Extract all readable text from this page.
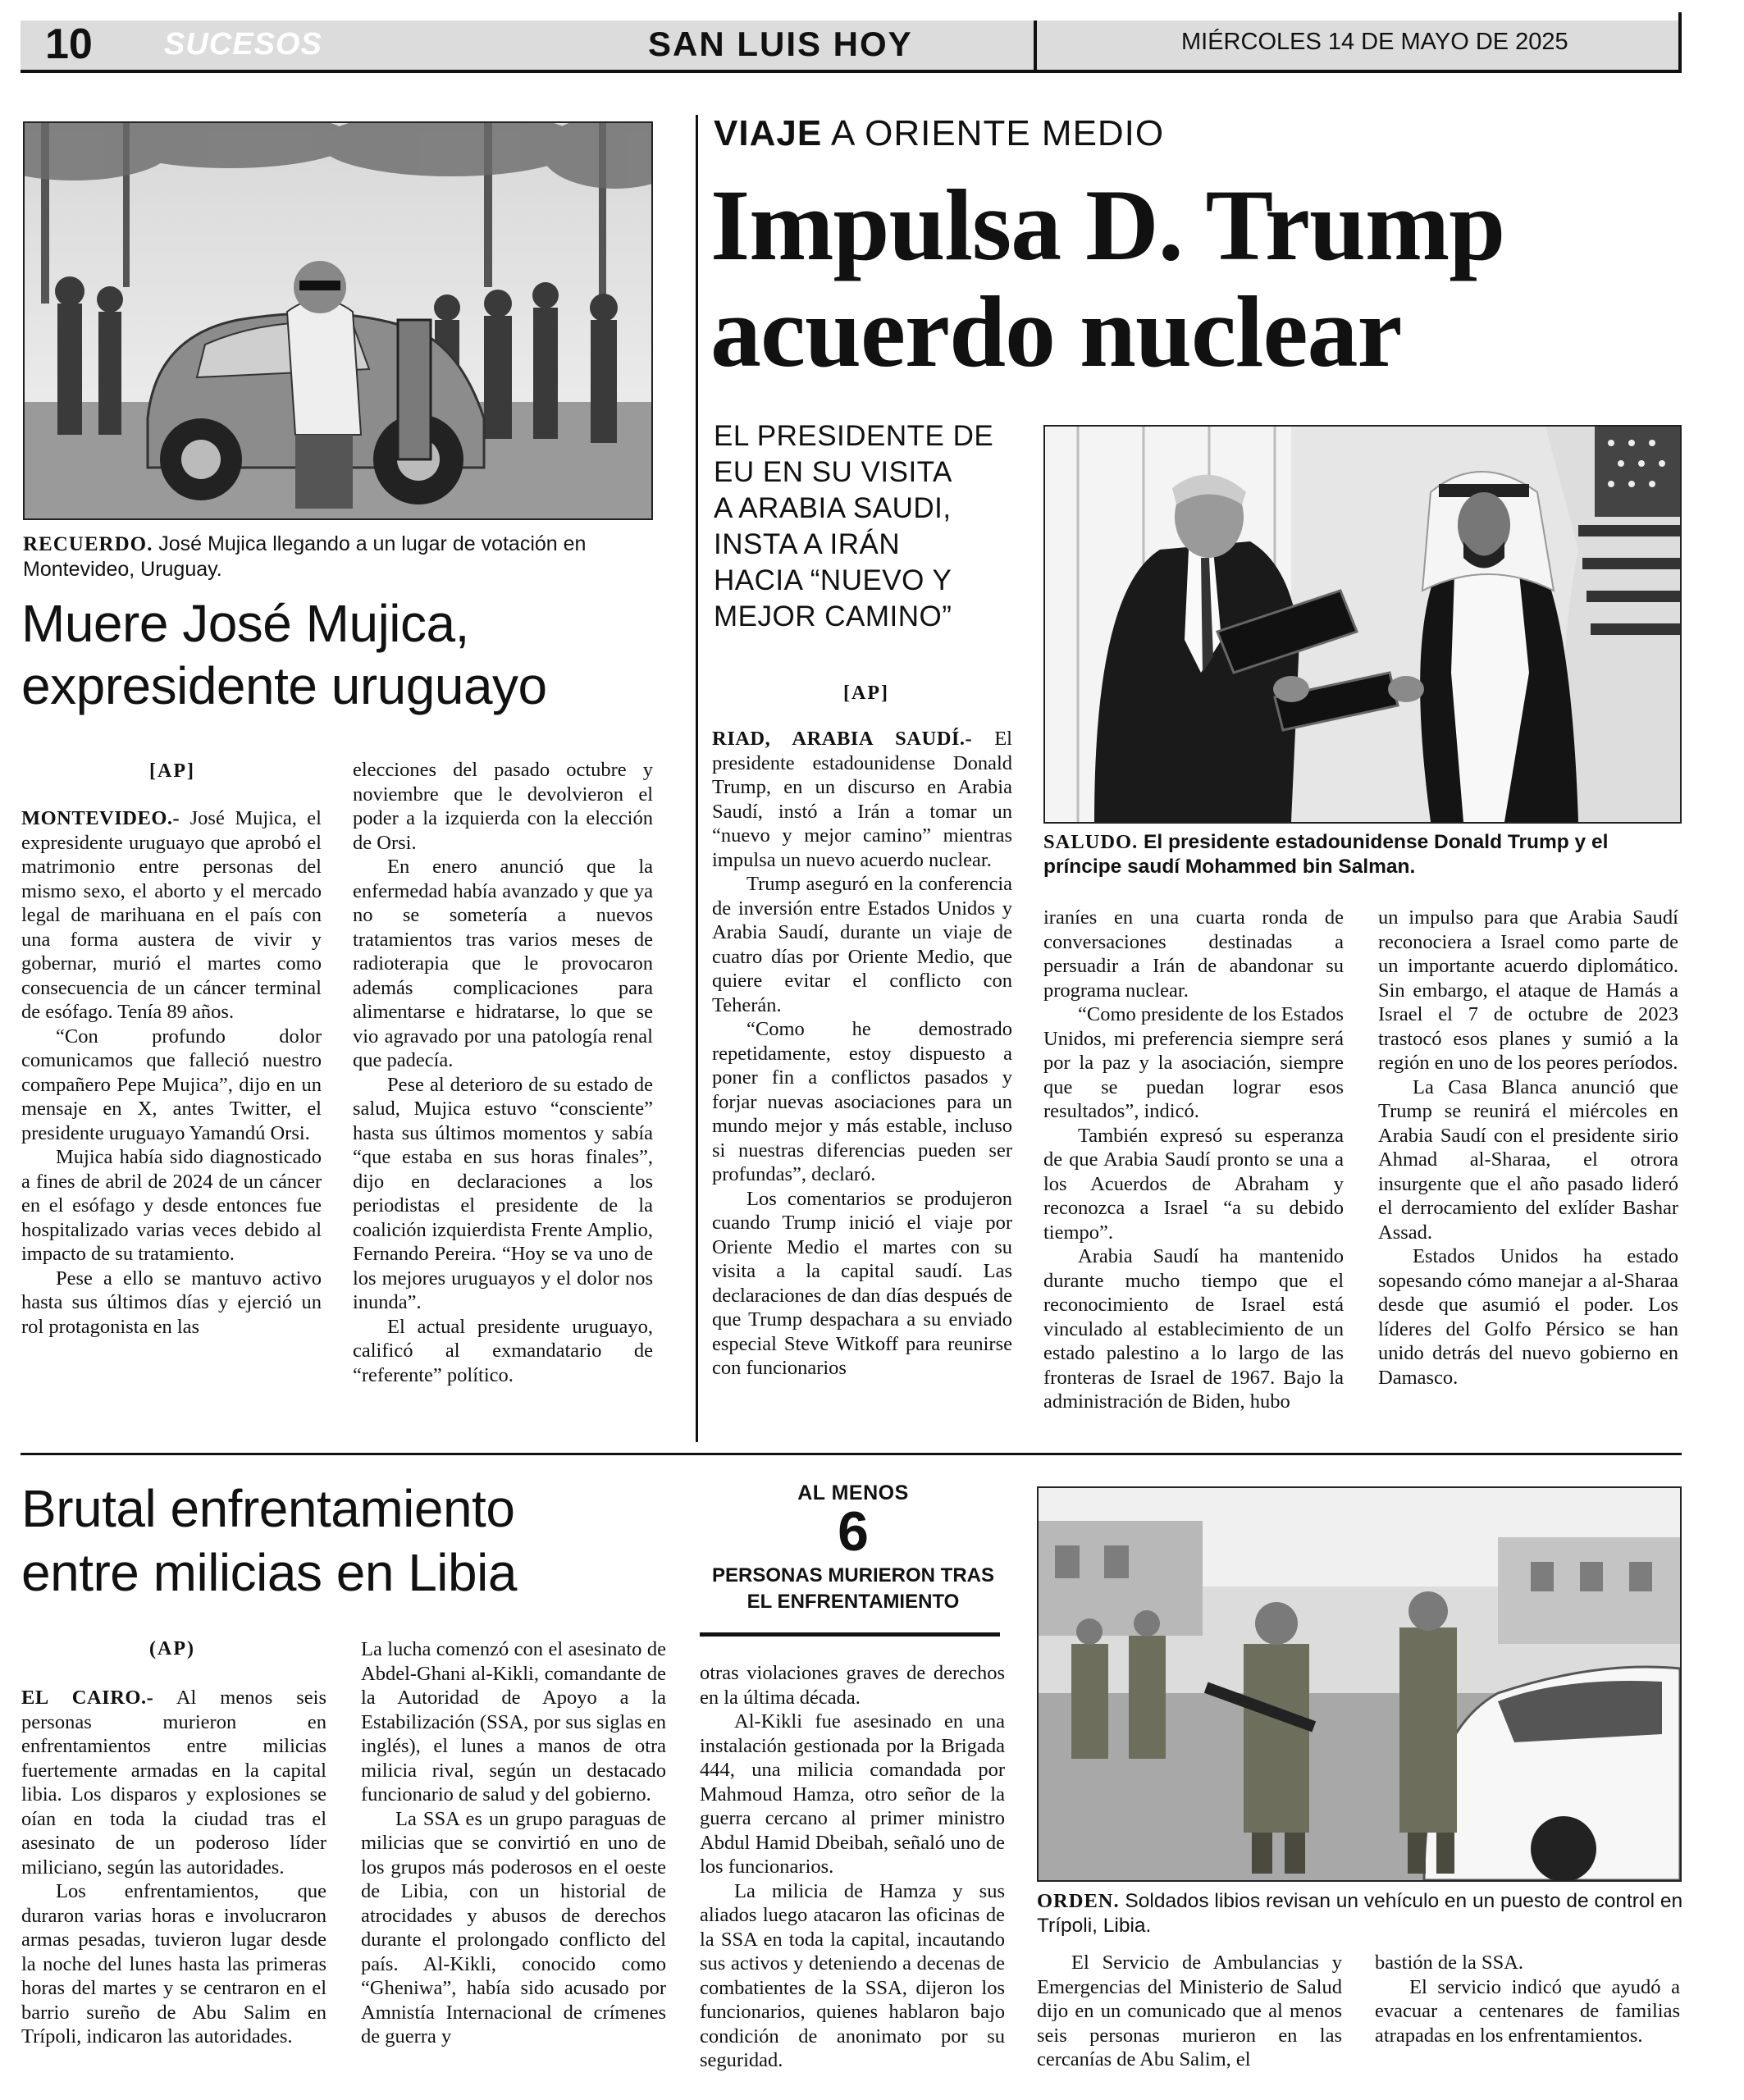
10 SUCESOS	SAN LUIS HOY	MIÉRCOLES 14 DE MAYO DE 2025
RECUERDO. José Mujica llegando a un lugar de votación en Montevideo, Uruguay.
Muere José Mujica,
expresidente uruguayo
[AP]

MONTEVIDEO.- José Mujica, el expresidente uruguayo que aprobó el matrimonio entre personas del mismo sexo, el aborto y el mercado legal de marihuana en el país con una forma austera de vivir y gobernar, murió el martes como consecuencia de un cáncer terminal de esófago. Tenía 89 años.

“Con profundo dolor comunicamos que falleció nuestro compañero Pepe Mujica”, dijo en un mensaje en X, antes Twitter, el presidente uruguayo Yamandú Orsi.

Mujica había sido diagnosticado a fines de abril de 2024 de un cáncer en el esófago y desde entonces fue hospitalizado varias veces debido al impacto de su tratamiento.

Pese a ello se mantuvo activo hasta sus últimos días y ejerció un rol protagonista en las

elecciones del pasado octubre y noviembre que le devolvieron el poder a la izquierda con la elección de Orsi.

En enero anunció que la enfermedad había avanzado y que ya no se sometería a nuevos tratamientos tras varios meses de radioterapia que le provocaron además complicaciones para alimentarse e hidratarse, lo que se vio agravado por una patología renal que padecía.

Pese al deterioro de su estado de salud, Mujica estuvo “consciente” hasta sus últimos momentos y sabía “que estaba en sus horas finales”, dijo en declaraciones a los periodistas el presidente de la coalición izquierdista Frente Amplio, Fernando Pereira. “Hoy se va uno de los mejores uruguayos y el dolor nos inunda”.

El actual presidente uruguayo, calificó al exmandatario de “referente” político.

VIAJE A ORIENTE MEDIO
Impulsa D. Trump
acuerdo nuclear
EL PRESIDENTE DE
EU EN SU VISITA
A ARABIA SAUDI,
INSTA A IRÁN
HACIA “NUEVO Y
MEJOR CAMINO”
[AP]
SALUDO. El presidente estadounidense Donald Trump y el príncipe saudí Mohammed bin Salman.

RIAD, ARABIA SAUDÍ.- El presidente estadounidense Donald Trump, en un discurso en Arabia Saudí, instó a Irán a tomar un “nuevo y mejor camino” mientras impulsa un nuevo acuerdo nuclear.

Trump aseguró en la conferencia de inversión entre Estados Unidos y Arabia Saudí, durante un viaje de cuatro días por Oriente Medio, que quiere evitar el conflicto con Teherán.

“Como he demostrado repetidamente, estoy dispuesto a poner fin a conflictos pasados y forjar nuevas asociaciones para un mundo mejor y más estable, incluso si nuestras diferencias pueden ser profundas”, declaró.

Los comentarios se produjeron cuando Trump inició el viaje por Oriente Medio el martes con su visita a la capital saudí. Las declaraciones de dan días después de que Trump despachara a su enviado especial Steve Witkoff para reunirse con funcionarios

iraníes en una cuarta ronda de conversaciones destinadas a persuadir a Irán de abandonar su programa nuclear.

“Como presidente de los Estados Unidos, mi preferencia siempre será por la paz y la asociación, siempre que se puedan lograr esos resultados”, indicó.

También expresó su esperanza de que Arabia Saudí pronto se una a los Acuerdos de Abraham y reconozca a Israel “a su debido tiempo”.

Arabia Saudí ha mantenido durante mucho tiempo que el reconocimiento de Israel está vinculado al establecimiento de un estado palestino a lo largo de las fronteras de Israel de 1967. Bajo la administración de Biden, hubo

un impulso para que Arabia Saudí reconociera a Israel como parte de un importante acuerdo diplomático. Sin embargo, el ataque de Hamás a Israel el 7 de octubre de 2023 trastocó esos planes y sumió a la región en uno de los peores períodos.

La Casa Blanca anunció que Trump se reunirá el miércoles en Arabia Saudí con el presidente sirio Ahmad al-Sharaa, el otrora insurgente que el año pasado lideró el derrocamiento del exlíder Bashar Assad.

Estados Unidos ha estado sopesando cómo manejar a al-Sharaa desde que asumió el poder. Los líderes del Golfo Pérsico se han unido detrás del nuevo gobierno en Damasco.

Brutal enfrentamiento
entre milicias en Libia
(AP)
AL MENOS
6
PERSONAS MURIERON TRAS
EL ENFRENTAMIENTO
ORDEN. Soldados libios revisan un vehículo en un puesto de control en Trípoli, Libia.

EL CAIRO.- Al menos seis personas murieron en enfrentamientos entre milicias fuertemente armadas en la capital libia. Los disparos y explosiones se oían en toda la ciudad tras el asesinato de un poderoso líder miliciano, según las autoridades.

Los enfrentamientos, que duraron varias horas e involucraron armas pesadas, tuvieron lugar desde la noche del lunes hasta las primeras horas del martes y se centraron en el barrio sureño de Abu Salim en Trípoli, indicaron las autoridades.

La lucha comenzó con el asesinato de Abdel-Ghani al-Kikli, comandante de la Autoridad de Apoyo a la Estabilización (SSA, por sus siglas en inglés), el lunes a manos de otra milicia rival, según un destacado funcionario de salud y del gobierno.

La SSA es un grupo paraguas de milicias que se convirtió en uno de los grupos más poderosos en el oeste de Libia, con un historial de atrocidades y abusos de derechos durante el prolongado conflicto del país. Al-Kikli, conocido como “Gheniwa”, había sido acusado por Amnistía Internacional de crímenes de guerra y

otras violaciones graves de derechos en la última década.

Al-Kikli fue asesinado en una instalación gestionada por la Brigada 444, una milicia comandada por Mahmoud Hamza, otro señor de la guerra cercano al primer ministro Abdul Hamid Dbeibah, señaló uno de los funcionarios.

La milicia de Hamza y sus aliados luego atacaron las oficinas de la SSA en toda la capital, incautando sus activos y deteniendo a decenas de combatientes de la SSA, dijeron los funcionarios, quienes hablaron bajo condición de anonimato por su seguridad.

El Servicio de Ambulancias y Emergencias del Ministerio de Salud dijo en un comunicado que al menos seis personas murieron en las cercanías de Abu Salim, el

bastión de la SSA.

El servicio indicó que ayudó a evacuar a centenares de familias atrapadas en los enfrentamientos.
